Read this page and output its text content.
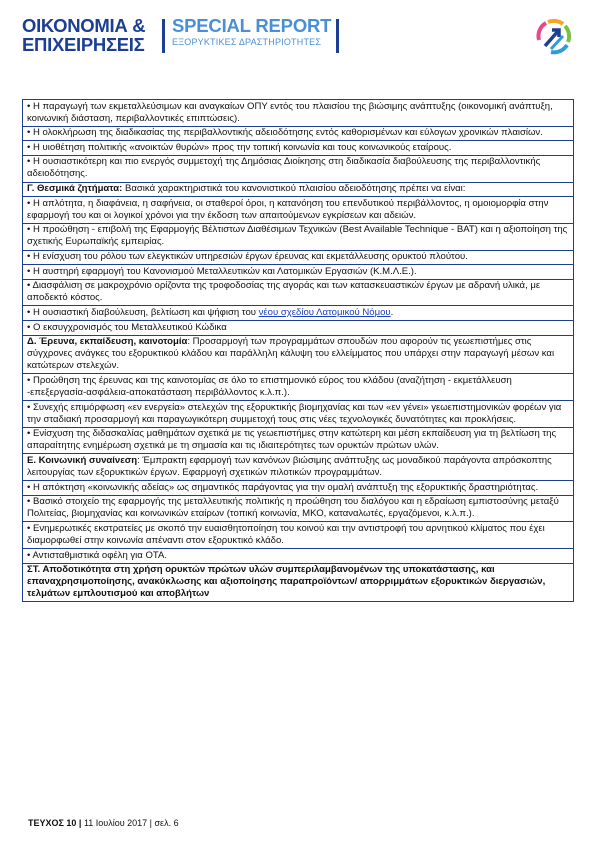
ΟΙΚΟΝΟΜΙΑ &
ΕΠΙΧΕΙΡΗΣΕΙΣ
SPECIAL REPORT
ΕΞΟΡΥΚΤΙΚΕΣ ΔΡΑΣΤΗΡΙΟΤΗΤΕΣ
• Η παραγωγή των εκμεταλλεύσιμων και αναγκαίων ΟΠΥ εντός του πλαισίου της βιώσιμης ανάπτυξης (οικονομική ανάπτυξη, κοινωνική διάσταση, περιβαλλοντικές επιπτώσεις).
• Η ολοκλήρωση της διαδικασίας της περιβαλλοντικής αδειοδότησης εντός καθορισμένων και εύλογων χρονικών πλαισίων.
• Η υιοθέτηση πολιτικής «ανοικτών θυρών» προς την τοπική κοινωνία και τους κοινωνικούς εταίρους.
• Η ουσιαστικότερη και πιο ενεργός συμμετοχή της Δημόσιας Διοίκησης στη διαδικασία διαβούλευσης της περιβαλλοντικής αδειοδότησης.
Γ. Θεσμικά ζητήματα: Βασικά χαρακτηριστικά του κανονιστικού πλαισίου αδειοδότησης πρέπει να είναι:
• Η απλότητα, η διαφάνεια, η σαφήνεια, οι σταθεροί όροι, η κατανόηση του επενδυτικού περιβάλλοντος, η ομοιομορφία στην εφαρμογή του και οι λογικοί χρόνοι για την έκδοση των απαιτούμενων εγκρίσεων και αδειών.
• Η προώθηση - επιβολή της Εφαρμογής Βέλτιστων Διαθέσιμων Τεχνικών (Best Available Technique - BAT) και η αξιοποίηση της σχετικής Ευρωπαϊκής εμπειρίας.
• Η ενίσχυση του ρόλου των ελεγκτικών υπηρεσιών έργων έρευνας και εκμετάλλευσης ορυκτού πλούτου.
• Η αυστηρή εφαρμογή του Κανονισμού Μεταλλευτικών και Λατομικών Εργασιών (Κ.Μ.Λ.Ε.).
• Διασφάλιση σε μακροχρόνιο ορίζοντα της τροφοδοσίας της αγοράς και των κατασκευαστικών έργων με αδρανή υλικά, με αποδεκτό κόστος.
• Η ουσιαστική διαβούλευση, βελτίωση και ψήφιση του νέου σχεδίου Λατομικού Νόμου.
• Ο εκσυγχρονισμός του Μεταλλευτικού Κώδικα
Δ. Έρευνα, εκπαίδευση, καινοτομία: Προσαρμογή των προγραμμάτων σπουδών που αφορούν τις γεωεπιστήμες στις σύγχρονες ανάγκες του εξορυκτικού κλάδου και παράλληλη κάλυψη του ελλείμματος που υπάρχει στην παραγωγή μέσων και κατώτερων στελεχών.
• Προώθηση της έρευνας και της καινοτομίας σε όλο το επιστημονικό εύρος του κλάδου (αναζήτηση - εκμετάλλευση -επεξεργασία-ασφάλεια-αποκατάσταση περιβάλλοντος κ.λ.π.).
• Συνεχής επιμόρφωση «εν ενεργεία» στελεχών της εξορυκτικής βιομηχανίας και των «εν γένει» γεωεπιστημονικών φορέων για την σταδιακή προσαρμογή και παραγωγικότερη συμμετοχή τους στις νέες τεχνολογικές δυνατότητες και προκλήσεις.
• Ενίσχυση της διδασκαλίας μαθημάτων σχετικά με τις γεωεπιστήμες στην κατώτερη και μέση εκπαίδευση για τη βελτίωση της απαραίτητης ενημέρωση σχετικά με τη σημασία και τις ιδιαιτερότητες των ορυκτών πρώτων υλών.
Ε. Κοινωνική συναίνεση: Έμπρακτη εφαρμογή των κανόνων βιώσιμης ανάπτυξης ως μοναδικού παράγοντα απρόσκοπτης λειτουργίας των εξορυκτικών έργων. Εφαρμογή σχετικών πιλοτικών προγραμμάτων.
• Η απόκτηση «κοινωνικής αδείας» ως σημαντικός παράγοντας για την ομαλή ανάπτυξη της εξορυκτικής δραστηριότητας.
• Βασικό στοιχείο της εφαρμογής της μεταλλευτικής πολιτικής η προώθηση του διαλόγου και η εδραίωση εμπιστοσύνης μεταξύ Πολιτείας, βιομηχανίας και κοινωνικών εταίρων (τοπική κοινωνία, ΜΚΟ, καταναλωτές, εργαζόμενοι, κ.λ.π.).
• Ενημερωτικές εκστρατείες με σκοπό την ευαισθητοποίηση του κοινού και την αντιστροφή του αρνητικού κλίματος που έχει διαμορφωθεί στην κοινωνία απέναντι στον εξορυκτικό κλάδο.
• Αντισταθμιστικά οφέλη για ΟΤΑ.
ΣΤ. Αποδοτικότητα στη χρήση ορυκτών πρώτων υλών συμπεριλαμβανομένων της υποκατάστασης, και επαναχρησιμοποίησης, ανακύκλωσης και αξιοποίησης παραπροϊόντων/ απορριμμάτων εξορυκτικών διεργασιών, τελμάτων εμπλουτισμού και αποβλήτων
ΤΕΥΧΟΣ 10 | 11 Ιουλίου 2017 | σελ. 6
